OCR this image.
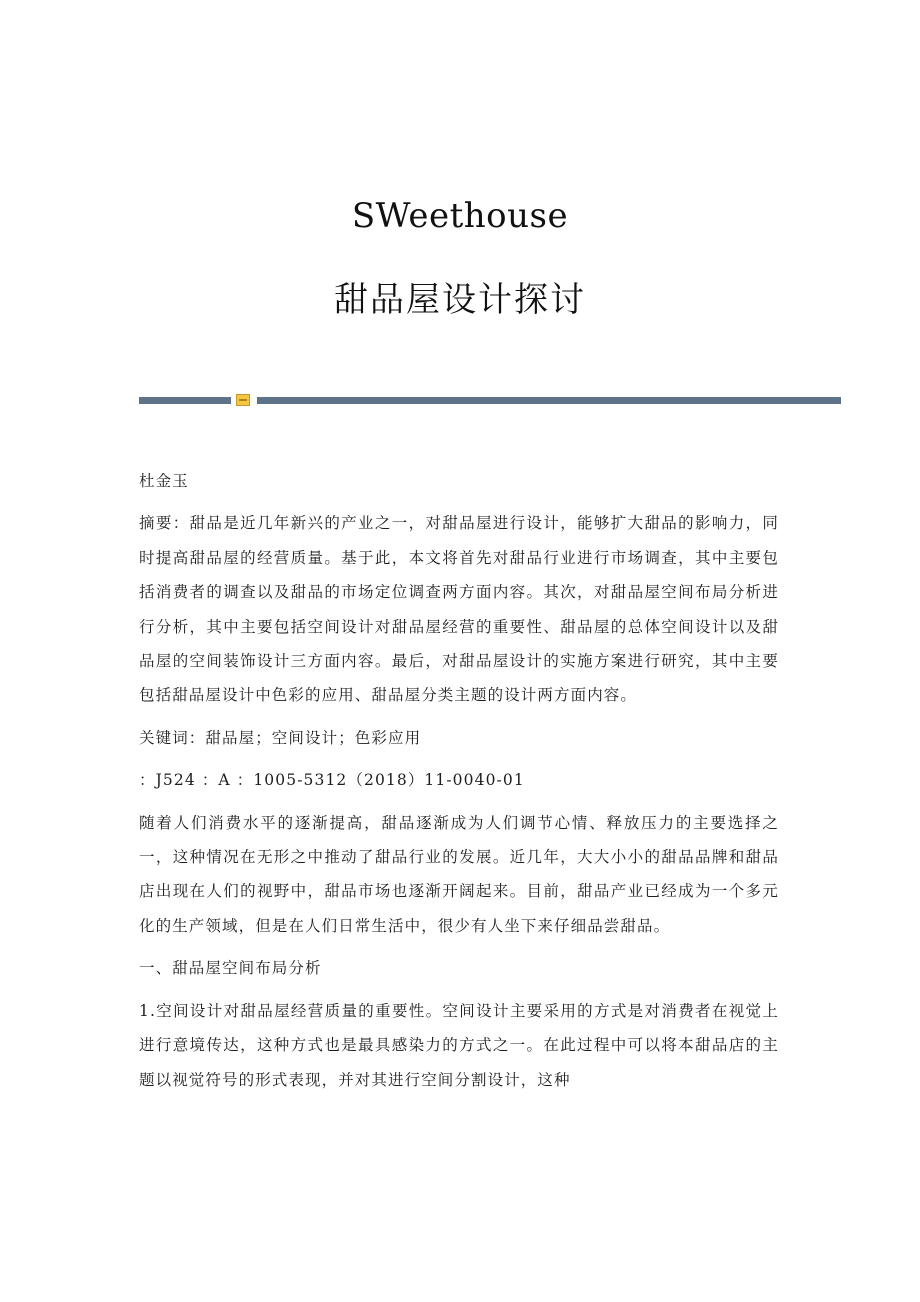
SWeethouse
甜品屋设计探讨

杜金玉

摘要：甜品是近几年新兴的产业之一，对甜品屋进行设计，能够扩大甜品的影响力，同时提高甜品屋的经营质量。基于此，本文将首先对甜品行业进行市场调查，其中主要包括消费者的调查以及甜品的市场定位调查两方面内容。其次，对甜品屋空间布局分析进行分析，其中主要包括空间设计对甜品屋经营的重要性、甜品屋的总体空间设计以及甜品屋的空间装饰设计三方面内容。最后，对甜品屋设计的实施方案进行研究，其中主要包括甜品屋设计中色彩的应用、甜品屋分类主题的设计两方面内容。

关键词：甜品屋；空间设计；色彩应用

：J524 ：A ：1005-5312（2018）11-0040-01

随着人们消费水平的逐渐提高，甜品逐渐成为人们调节心情、释放压力的主要选择之一，这种情况在无形之中推动了甜品行业的发展。近几年，大大小小的甜品品牌和甜品店出现在人们的视野中，甜品市场也逐渐开阔起来。目前，甜品产业已经成为一个多元化的生产领域，但是在人们日常生活中，很少有人坐下来仔细品尝甜品。

一、甜品屋空间布局分析

1.空间设计对甜品屋经营质量的重要性。空间设计主要采用的方式是对消费者在视觉上进行意境传达，这种方式也是最具感染力的方式之一。在此过程中可以将本甜品店的主题以视觉符号的形式表现，并对其进行空间分割设计，这种
